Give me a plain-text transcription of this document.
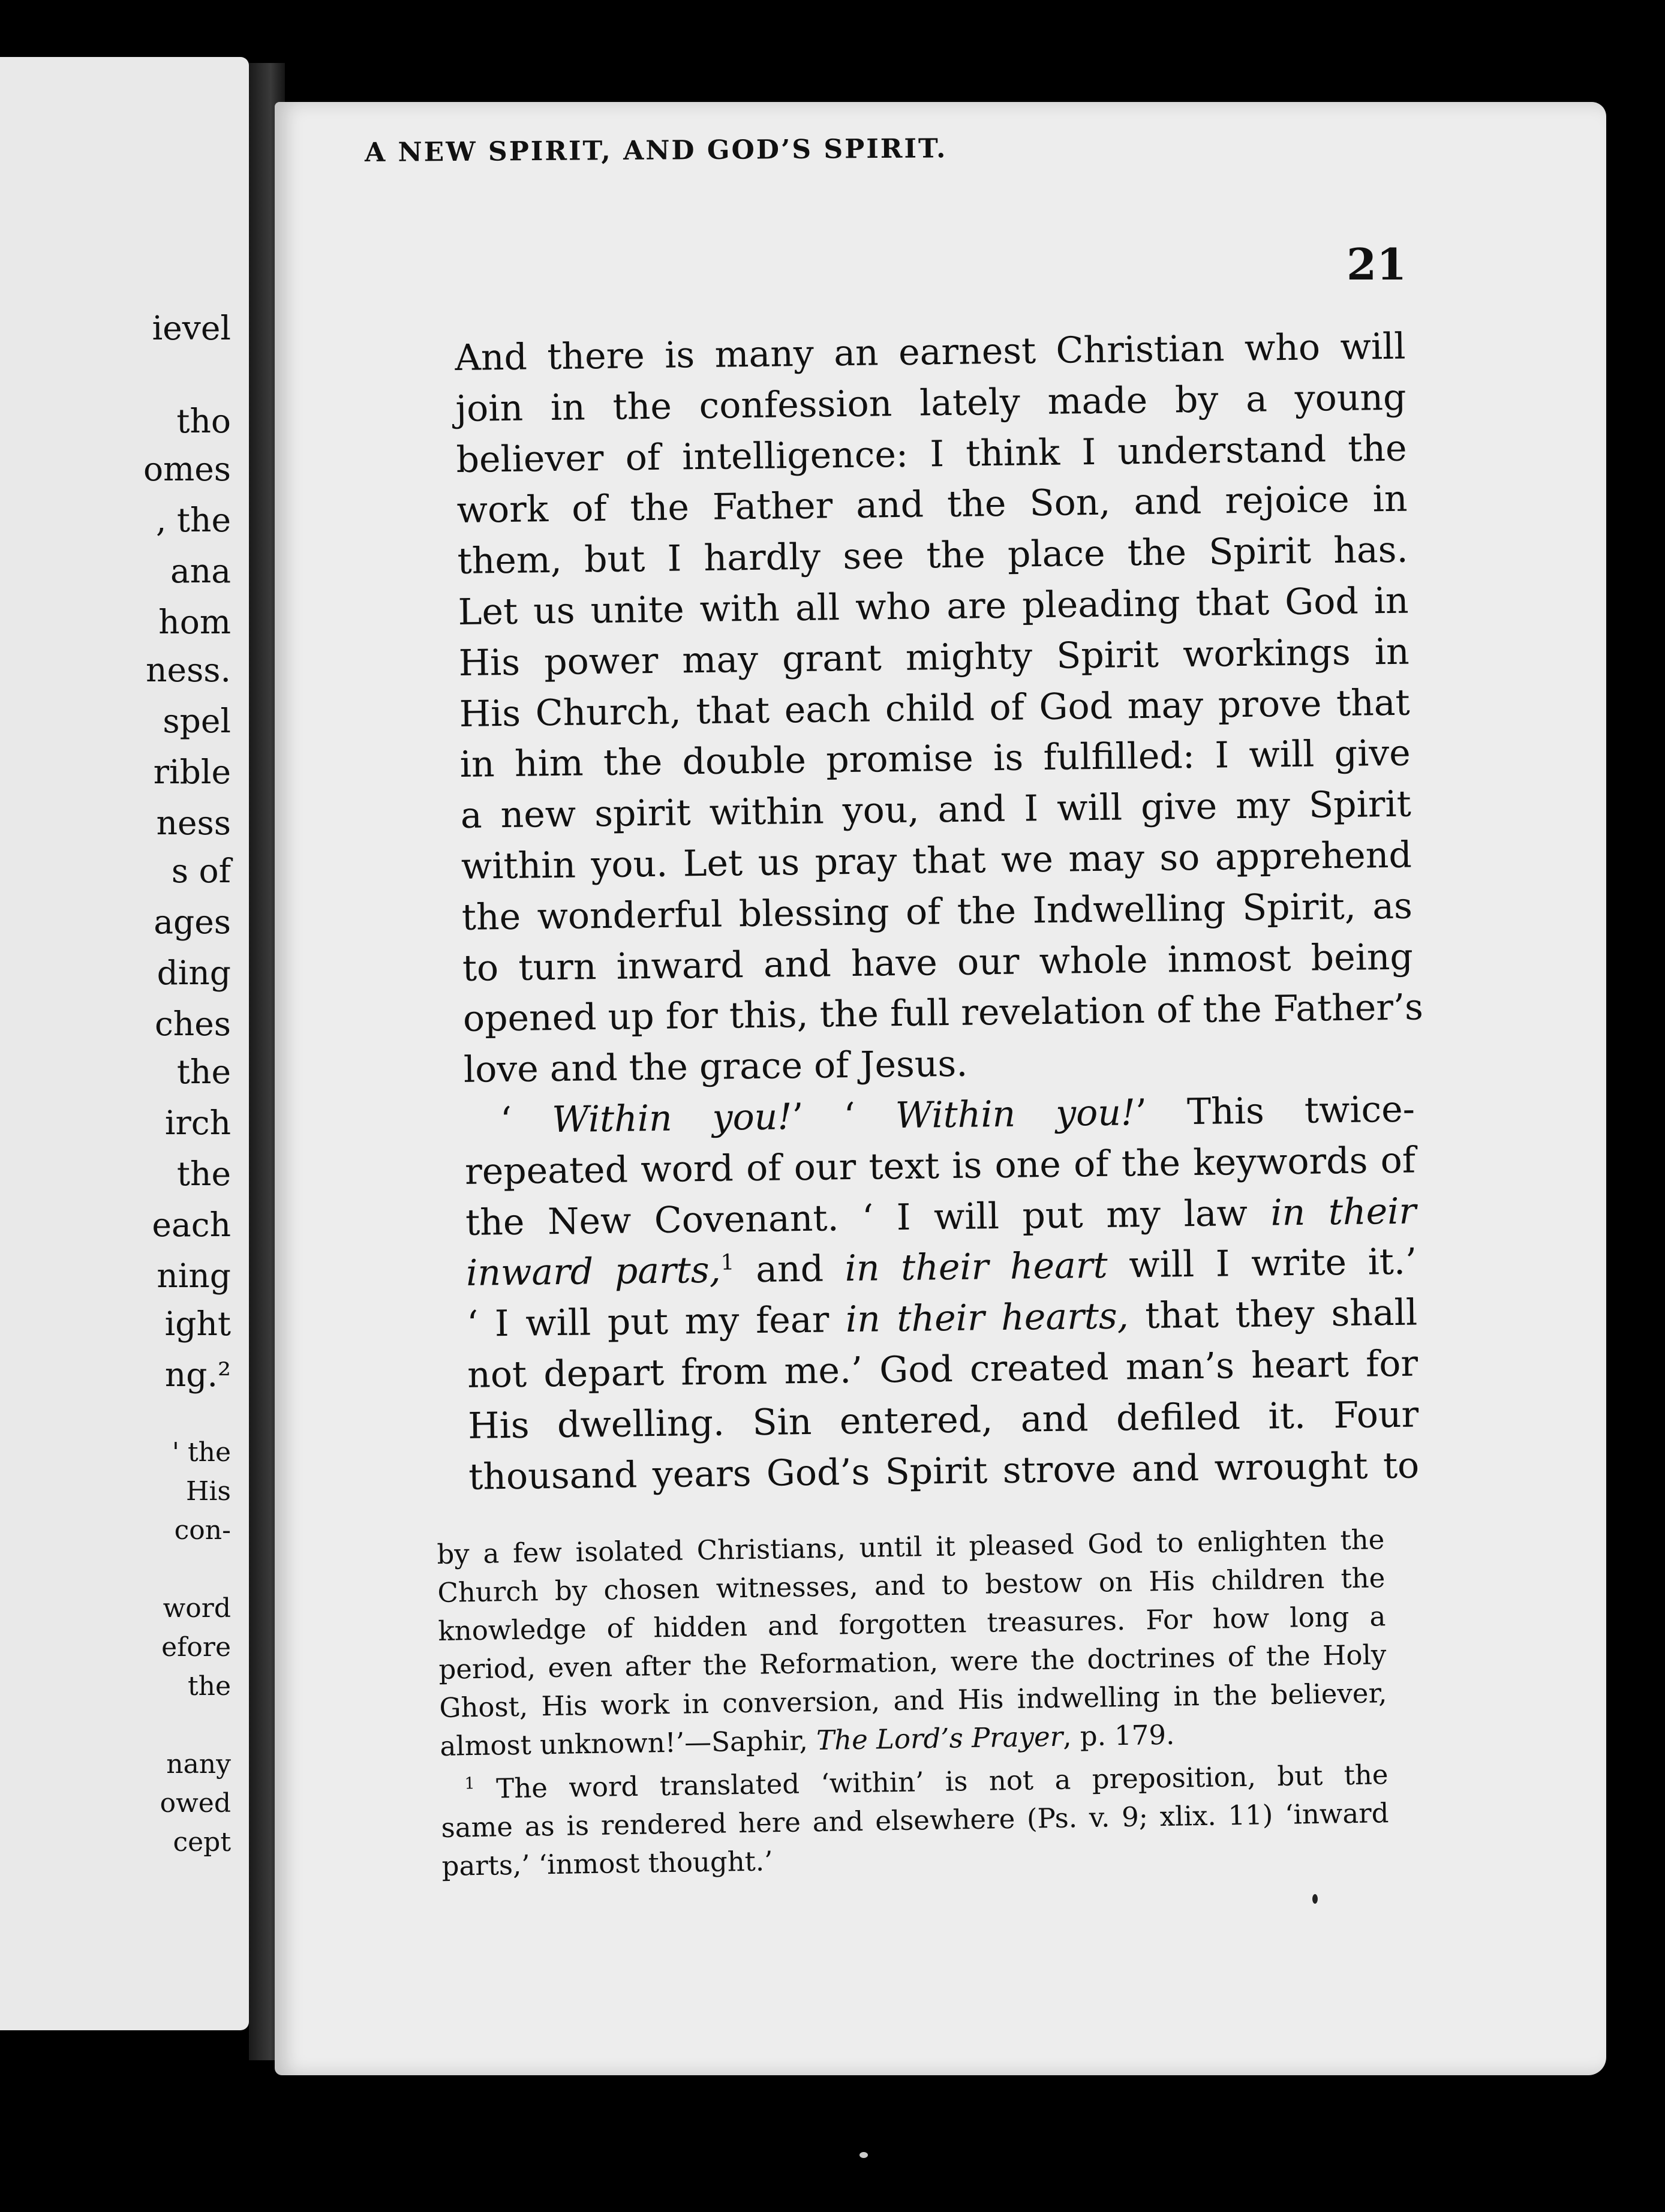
ievel
tho
omes
, the
ana
hom
ness.
spel
rible
ness
s of
ages
ding
ches
the
irch
the
each
ning
ight
ng.²
' the
His
con-
word
efore
the
nany
owed
cept
A NEW SPIRIT, AND GOD’S SPIRIT.
21
And there is many an earnest Christian who will
join in the confession lately made by a young
believer of intelligence: I think I understand the
work of the Father and the Son, and rejoice in
them, but I hardly see the place the Spirit has.
Let us unite with all who are pleading that God in
His power may grant mighty Spirit workings in
His Church, that each child of God may prove that
in him the double promise is fulfilled: I will give
a new spirit within you, and I will give my Spirit
within you. Let us pray that we may so apprehend
the wonderful blessing of the Indwelling Spirit, as
to turn inward and have our whole inmost being
opened up for this, the full revelation of the Father’s
love and the grace of Jesus.
‘ Within you!’ ‘ Within you!’ This twice-
repeated word of our text is one of the keywords of
the New Covenant. ‘ I will put my law in their
inward parts,$^1$ and in their heart will I write it.’
‘ I will put my fear in their hearts, that they shall
not depart from me.’ God created man’s heart for
His dwelling. Sin entered, and defiled it. Four
thousand years God’s Spirit strove and wrought to
by a few isolated Christians, until it pleased God to enlighten the
Church by chosen witnesses, and to bestow on His children the
knowledge of hidden and forgotten treasures. For how long a
period, even after the Reformation, were the doctrines of the Holy
Ghost, His work in conversion, and His indwelling in the believer,
almost unknown!’—Saphir, The Lord’s Prayer, p. 179.
$^1$ The word translated ‘within’ is not a preposition, but the
same as is rendered here and elsewhere (Ps. v. 9; xlix. 11) ‘inward
parts,’ ‘inmost thought.’
